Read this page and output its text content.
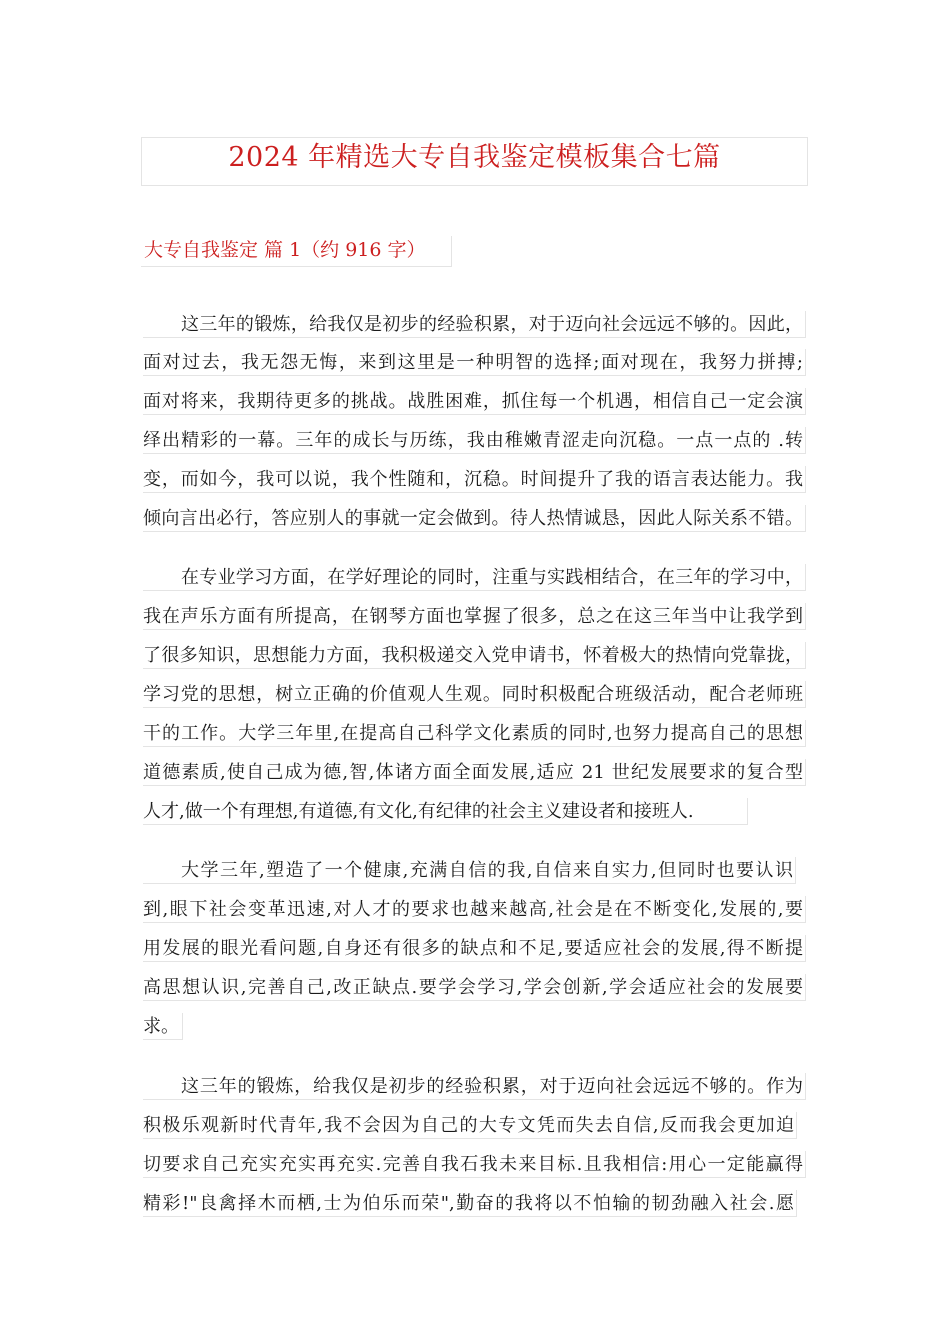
2024 年精选大专自我鉴定模板集合七篇
大专自我鉴定 篇 1（约 916 字）
这三年的锻炼，给我仅是初步的经验积累，对于迈向社会远远不够的。因此，
面对过去，我无怨无悔，来到这里是一种明智的选择;面对现在，我努力拼搏;
面对将来，我期待更多的挑战。战胜困难，抓住每一个机遇，相信自己一定会演
绎出精彩的一幕。三年的成长与历练，我由稚嫩青涩走向沉稳。一点一点的 .转
变，而如今，我可以说，我个性随和，沉稳。时间提升了我的语言表达能力。我
倾向言出必行，答应别人的事就一定会做到。待人热情诚恳，因此人际关系不错。
在专业学习方面，在学好理论的同时，注重与实践相结合，在三年的学习中，
我在声乐方面有所提高，在钢琴方面也掌握了很多，总之在这三年当中让我学到
了很多知识，思想能力方面，我积极递交入党申请书，怀着极大的热情向党靠拢，
学习党的思想，树立正确的价值观人生观。同时积极配合班级活动，配合老师班
干的工作。大学三年里,在提高自己科学文化素质的同时,也努力提高自己的思想
道德素质,使自己成为德,智,体诸方面全面发展,适应 21 世纪发展要求的复合型
人才,做一个有理想,有道德,有文化,有纪律的社会主义建设者和接班人.
大学三年,塑造了一个健康,充满自信的我,自信来自实力,但同时也要认识
到,眼下社会变革迅速,对人才的要求也越来越高,社会是在不断变化,发展的,要
用发展的眼光看问题,自身还有很多的缺点和不足,要适应社会的发展,得不断提
高思想认识,完善自己,改正缺点.要学会学习,学会创新,学会适应社会的发展要
求。
这三年的锻炼，给我仅是初步的经验积累，对于迈向社会远远不够的。作为
积极乐观新时代青年,我不会因为自己的大专文凭而失去自信,反而我会更加迫
切要求自己充实充实再充实.完善自我石我未来目标.且我相信:用心一定能赢得
精彩!"良禽择木而栖,士为伯乐而荣",勤奋的我将以不怕输的韧劲融入社会.愿
